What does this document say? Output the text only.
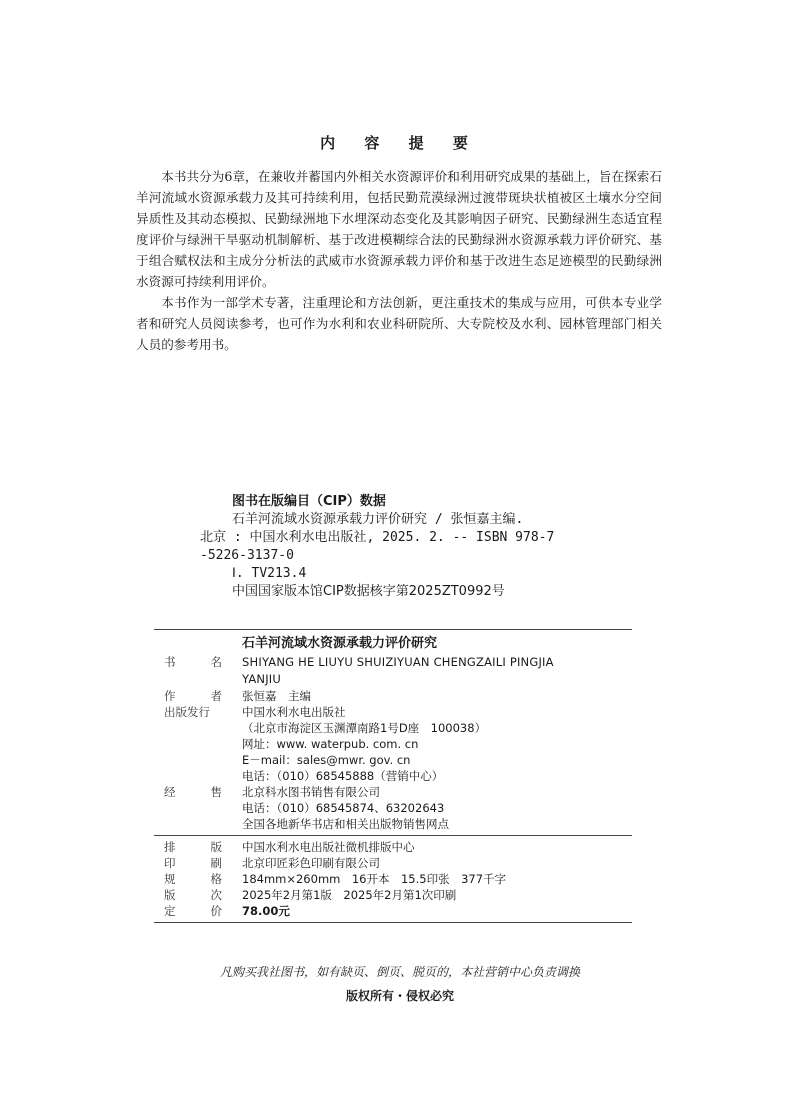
内 容 提 要

本书共分为6章，在兼收并蓄国内外相关水资源评价和利用研究成果的基础上，旨在探索石羊河流域水资源承载力及其可持续利用，包括民勤荒漠绿洲过渡带斑块状植被区土壤水分空间异质性及其动态模拟、民勤绿洲地下水埋深动态变化及其影响因子研究、民勤绿洲生态适宜程度评价与绿洲干旱驱动机制解析、基于改进模糊综合法的民勤绿洲水资源承载力评价研究、基于组合赋权法和主成分分析法的武威市水资源承载力评价和基于改进生态足迹模型的民勤绿洲水资源可持续利用评价。

本书作为一部学术专著，注重理论和方法创新，更注重技术的集成与应用，可供本专业学者和研究人员阅读参考，也可作为水利和农业科研院所、大专院校及水利、园林管理部门相关人员的参考用书。

图书在版编目（CIP）数据
石羊河流域水资源承载力评价研究 / 张恒嘉主编.
北京 : 中国水利水电出版社, 2025. 2. -- ISBN 978-7
-5226-3137-0
Ⅰ. TV213.4
中国国家版本馆CIP数据核字第2025ZT0992号
石羊河流域水资源承载力评价研究
书	名	SHIYANG HE LIUYU SHUIZIYUAN CHENGZAILI PINGJIA
YANJIU
作	者	张恒嘉　主编
出版发行	中国水利水电出版社
（北京市海淀区玉渊潭南路1号D座　100038）
网址：www. waterpub. com. cn
E－mail：sales@mwr. gov. cn
电话：（010）68545888（营销中心）
经	售	北京科水图书销售有限公司
电话：（010）68545874、63202643
全国各地新华书店和相关出版物销售网点
排	版	中国水利水电出版社微机排版中心
印	刷	北京印匠彩色印刷有限公司
规	格	184mm×260mm　16开本　15.5印张　377千字
版	次	2025年2月第1版　2025年2月第1次印刷
定	价	78.00元
凡购买我社图书，如有缺页、倒页、脱页的，本社营销中心负责调换
版权所有・侵权必究
